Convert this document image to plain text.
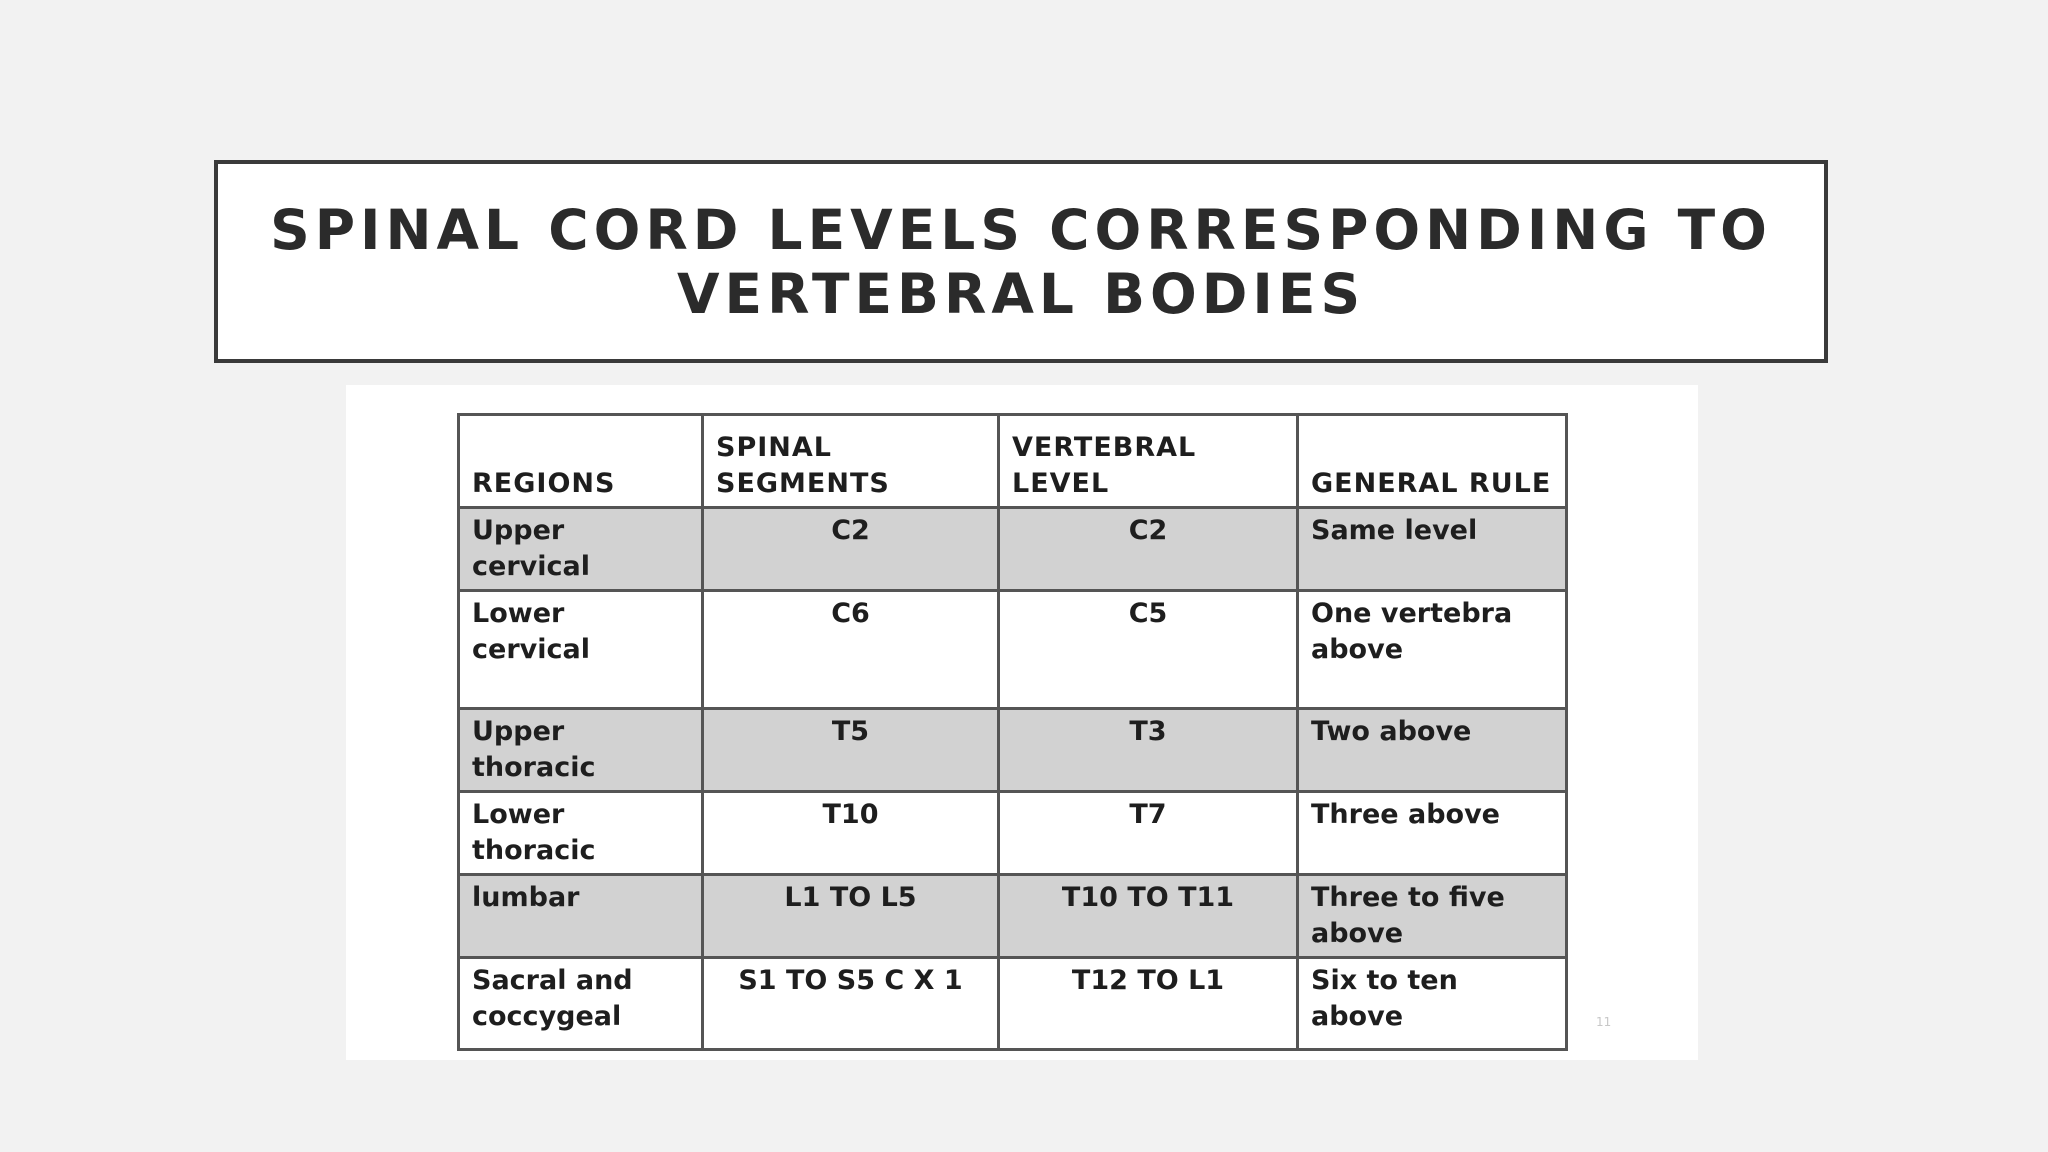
SPINAL CORD LEVELS CORRESPONDING TO VERTEBRAL BODIES
REGIONS	SPINAL SEGMENTS	VERTEBRAL LEVEL	GENERAL RULE
Upper cervical	C2	C2	Same level
Lower cervical	C6	C5	One vertebra above
Upper thoracic	T5	T3	Two above
Lower thoracic	T10	T7	Three above
lumbar	L1 TO L5	T10 TO T11	Three to five above
Sacral and coccygeal	S1 TO S5 C X 1	T12 TO L1	Six to ten above	11
